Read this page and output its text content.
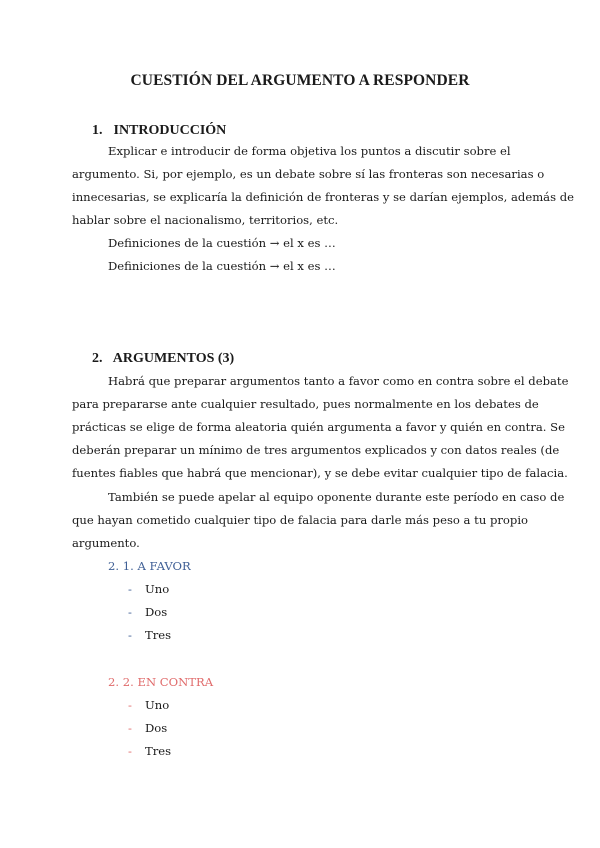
CUESTIÓN DEL ARGUMENTO A RESPONDER
1. INTRODUCCIÓN
Explicar e introducir de forma objetiva los puntos a discutir sobre el
argumento. Si, por ejemplo, es un debate sobre sí las fronteras son necesarias o
innecesarias, se explicaría la definición de fronteras y se darían ejemplos, además de
hablar sobre el nacionalismo, territorios, etc.
Definiciones de la cuestión → el x es …
Definiciones de la cuestión → el x es …
2. ARGUMENTOS (3)
Habrá que preparar argumentos tanto a favor como en contra sobre el debate
para prepararse ante cualquier resultado, pues normalmente en los debates de
prácticas se elige de forma aleatoria quién argumenta a favor y quién en contra. Se
deberán preparar un mínimo de tres argumentos explicados y con datos reales (de
fuentes fiables que habrá que mencionar), y se debe evitar cualquier tipo de falacia.
También se puede apelar al equipo oponente durante este período en caso de
que hayan cometido cualquier tipo de falacia para darle más peso a tu propio
argumento.
2. 1. A FAVOR
- Uno
- Dos
- Tres
2. 2. EN CONTRA
- Uno
- Dos
- Tres
